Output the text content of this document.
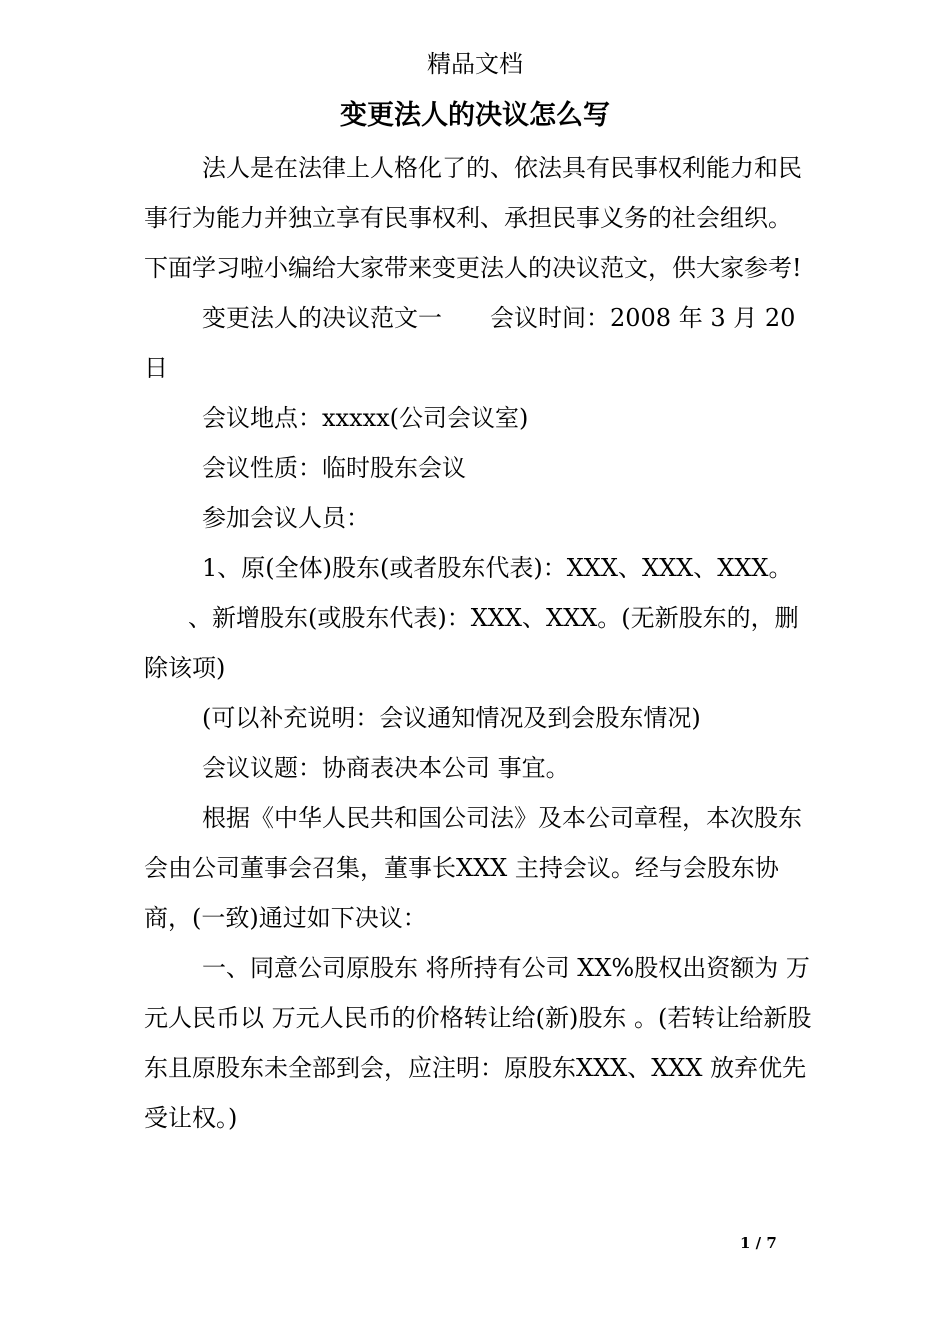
精品文档
变更法人的决议怎么写

法人是在法律上人格化了的、依法具有民事权利能力和民事行为能力并独立享有民事权利、承担民事义务的社会组织。下面学习啦小编给大家带来变更法人的决议范文，供大家参考!

变更法人的决议范文一　　会议时间：2008 年 3 月 20 日

会议地点：xxxxx(公司会议室)

会议性质：临时股东会议

参加会议人员：

1、原(全体)股东(或者股东代表)：XXX、XXX、XXX。

、新增股东(或股东代表)：XXX、XXX。(无新股东的，删除该项)

(可以补充说明：会议通知情况及到会股东情况)

会议议题：协商表决本公司 事宜。

根据《中华人民共和国公司法》及本公司章程，本次股东会由公司董事会召集，董事长XXX 主持会议。经与会股东协商，(一致)通过如下决议：

一、同意公司原股东 将所持有公司 XX%股权出资额为 万元人民币以 万元人民币的价格转让给(新)股东 。(若转让给新股东且原股东未全部到会，应注明：原股东XXX、XXX 放弃优先受让权。)

1 / 7
